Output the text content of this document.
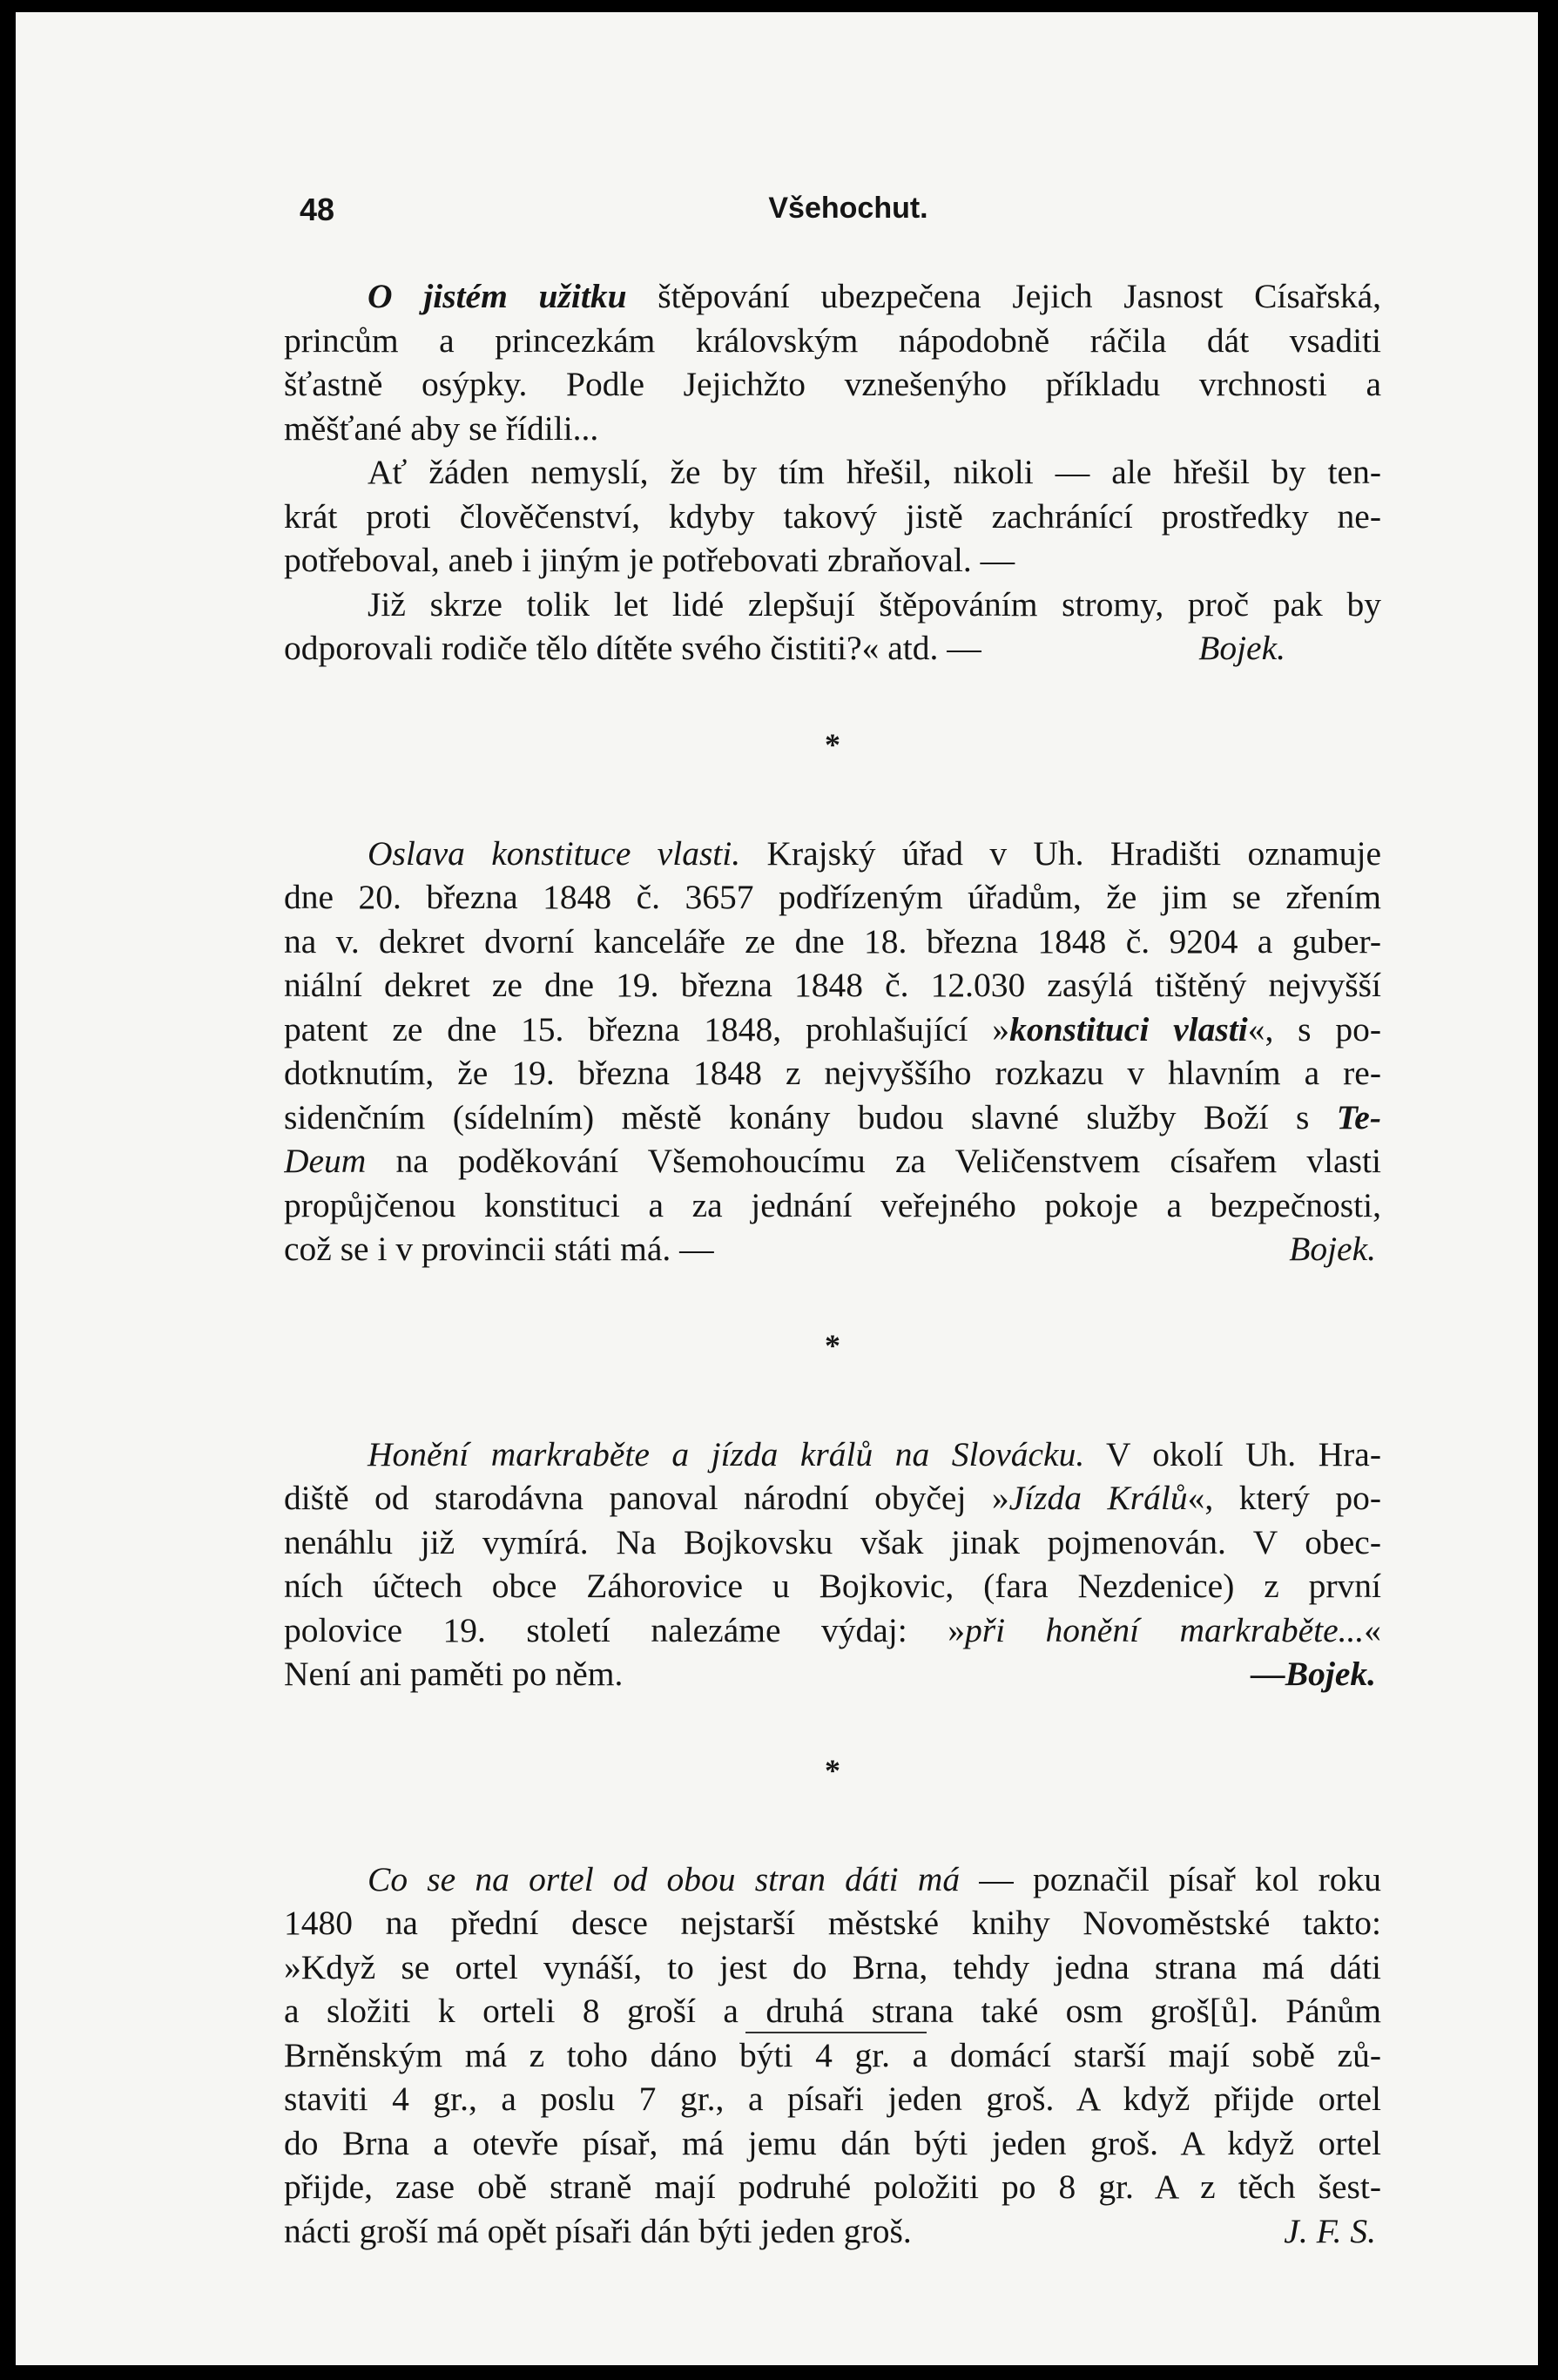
48	Všehochut.
O jistém užitku štěpování ubezpečena Jejich Jasnost Císařská,
princům a princezkám královským nápodobně ráčila dát vsaditi
šťastně osýpky. Podle Jejichžto vznešenýho příkladu vrchnosti a
měšťané aby se řídili...
Ať žáden nemyslí, že by tím hřešil, nikoli — ale hřešil by ten-
krát proti člověčenství, kdyby takový jistě zachránící prostředky ne-
potřeboval, aneb i jiným je potřebovati zbraňoval. —
Již skrze tolik let lidé zlepšují štěpováním stromy, proč pak by
odporovali rodiče tělo dítěte svého čistiti?« atd. —	Bojek.
*
Oslava konstituce vlasti. Krajský úřad v Uh. Hradišti oznamuje
dne 20. března 1848 č. 3657 podřízeným úřadům, že jim se zřením
na v. dekret dvorní kanceláře ze dne 18. března 1848 č. 9204 a guber-
niální dekret ze dne 19. března 1848 č. 12.030 zasýlá tištěný nejvyšší
patent ze dne 15. března 1848, prohlašující »konstituci vlasti«, s po-
dotknutím, že 19. března 1848 z nejvyššího rozkazu v hlavním a re-
sidenčním (sídelním) městě konány budou slavné služby Boží s Te-
Deum na poděkování Všemohoucímu za Veličenstvem císařem vlasti
propůjčenou konstituci a za jednání veřejného pokoje a bezpečnosti,
což se i v provincii státi má. —	Bojek.
*
Honění markraběte a jízda králů na Slovácku. V okolí Uh. Hra-
diště od starodávna panoval národní obyčej »Jízda Králů«, který po-
nenáhlu již vymírá. Na Bojkovsku však jinak pojmenován. V obec-
ních účtech obce Záhorovice u Bojkovic, (fara Nezdenice) z první
polovice 19. století nalezáme výdaj: »při honění markraběte...«
Není ani paměti po něm.	—Bojek.
*
Co se na ortel od obou stran dáti má — poznačil písař kol roku
1480 na přední desce nejstarší městské knihy Novoměstské takto:
»Když se ortel vynáší, to jest do Brna, tehdy jedna strana má dáti
a složiti k orteli 8 groší a druhá strana také osm groš[ů]. Pánům
Brněnským má z toho dáno býti 4 gr. a domácí starší mají sobě zů-
staviti 4 gr., a poslu 7 gr., a písaři jeden groš. A když přijde ortel
do Brna a otevře písař, má jemu dán býti jeden groš. A když ortel
přijde, zase obě straně mají podruhé položiti po 8 gr. A z těch šest-
nácti groší má opět písaři dán býti jeden groš.	J. F. S.
